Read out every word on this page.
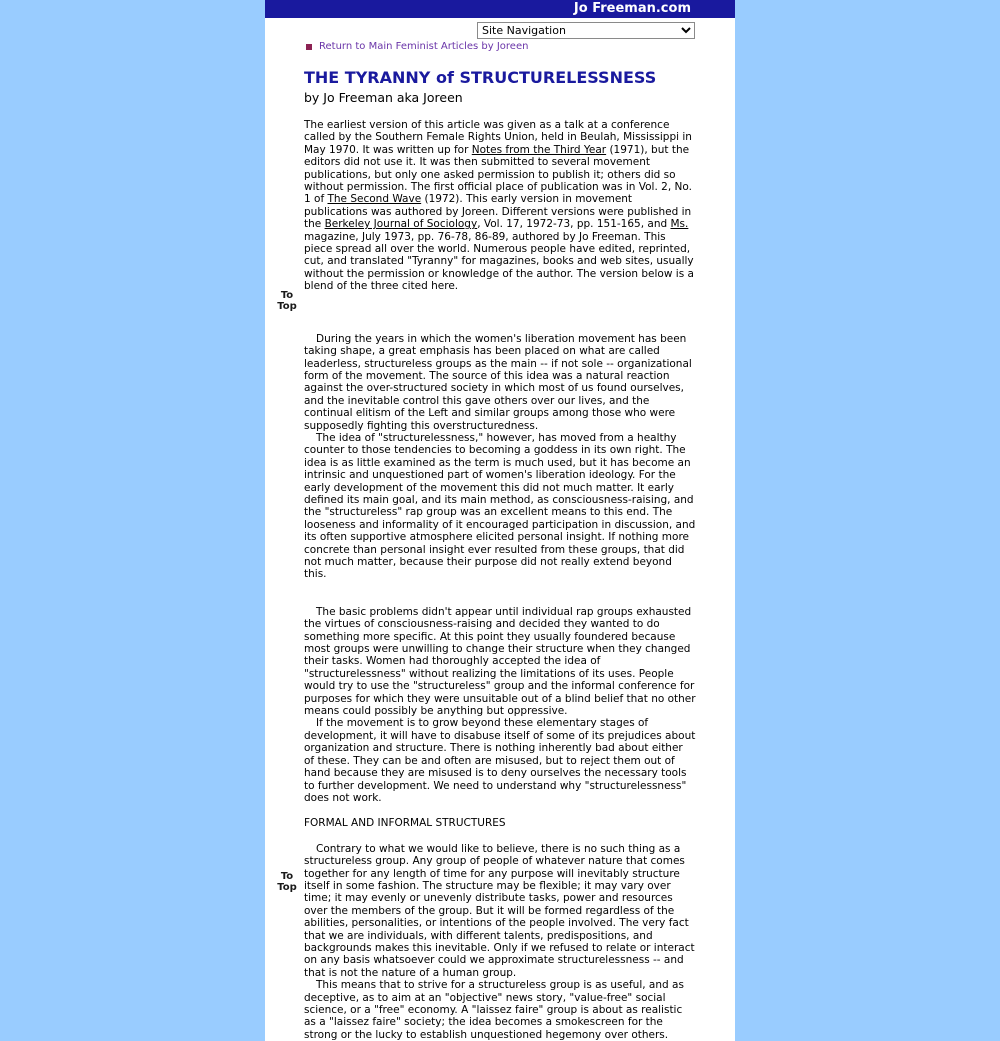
Jo Freeman.com
Site Navigation
Return to Main Feminist Articles by Joreen
To Top
To Top
THE TYRANNY of STRUCTURELESSNESS
by Jo Freeman aka Joreen

The earliest version of this article was given as a talk at a conference called by the Southern Female Rights Union, held in Beulah, Mississippi in May 1970. It was written up for Notes from the Third Year (1971), but the editors did not use it. It was then submitted to several movement publications, but only one asked permission to publish it; others did so without permission. The first official place of publication was in Vol. 2, No. 1 of The Second Wave (1972). This early version in movement publications was authored by Joreen. Different versions were published in the Berkeley Journal of Sociology, Vol. 17, 1972-73, pp. 151-165, and Ms. magazine, July 1973, pp. 76-78, 86-89, authored by Jo Freeman. This piece spread all over the world. Numerous people have edited, reprinted, cut, and translated "Tyranny" for magazines, books and web sites, usually without the permission or knowledge of the author. The version below is a blend of the three cited here.

During the years in which the women's liberation movement has been taking shape, a great emphasis has been placed on what are called leaderless, structureless groups as the main -- if not sole -- organizational form of the movement. The source of this idea was a natural reaction against the over-structured society in which most of us found ourselves, and the inevitable control this gave others over our lives, and the continual elitism of the Left and similar groups among those who were supposedly fighting this overstructuredness.

The idea of "structurelessness," however, has moved from a healthy counter to those tendencies to becoming a goddess in its own right. The idea is as little examined as the term is much used, but it has become an intrinsic and unquestioned part of women's liberation ideology. For the early development of the movement this did not much matter. It early defined its main goal, and its main method, as consciousness-raising, and the "structureless" rap group was an excellent means to this end. The looseness and informality of it encouraged participation in discussion, and its often supportive atmosphere elicited personal insight. If nothing more concrete than personal insight ever resulted from these groups, that did not much matter, because their purpose did not really extend beyond this.

The basic problems didn't appear until individual rap groups exhausted the virtues of consciousness-raising and decided they wanted to do something more specific. At this point they usually foundered because most groups were unwilling to change their structure when they changed their tasks. Women had thoroughly accepted the idea of "structurelessness" without realizing the limitations of its uses. People would try to use the "structureless" group and the informal conference for purposes for which they were unsuitable out of a blind belief that no other means could possibly be anything but oppressive.

If the movement is to grow beyond these elementary stages of development, it will have to disabuse itself of some of its prejudices about organization and structure. There is nothing inherently bad about either of these. They can be and often are misused, but to reject them out of hand because they are misused is to deny ourselves the necessary tools to further development. We need to understand why "structurelessness" does not work.

FORMAL AND INFORMAL STRUCTURES

Contrary to what we would like to believe, there is no such thing as a structureless group. Any group of people of whatever nature that comes together for any length of time for any purpose will inevitably structure itself in some fashion. The structure may be flexible; it may vary over time; it may evenly or unevenly distribute tasks, power and resources over the members of the group. But it will be formed regardless of the abilities, personalities, or intentions of the people involved. The very fact that we are individuals, with different talents, predispositions, and backgrounds makes this inevitable. Only if we refused to relate or interact on any basis whatsoever could we approximate structurelessness -- and that is not the nature of a human group.

This means that to strive for a structureless group is as useful, and as deceptive, as to aim at an "objective" news story, "value-free" social science, or a "free" economy. A "laissez faire" group is about as realistic as a "laissez faire" society; the idea becomes a smokescreen for the strong or the lucky to establish unquestioned hegemony over others.
